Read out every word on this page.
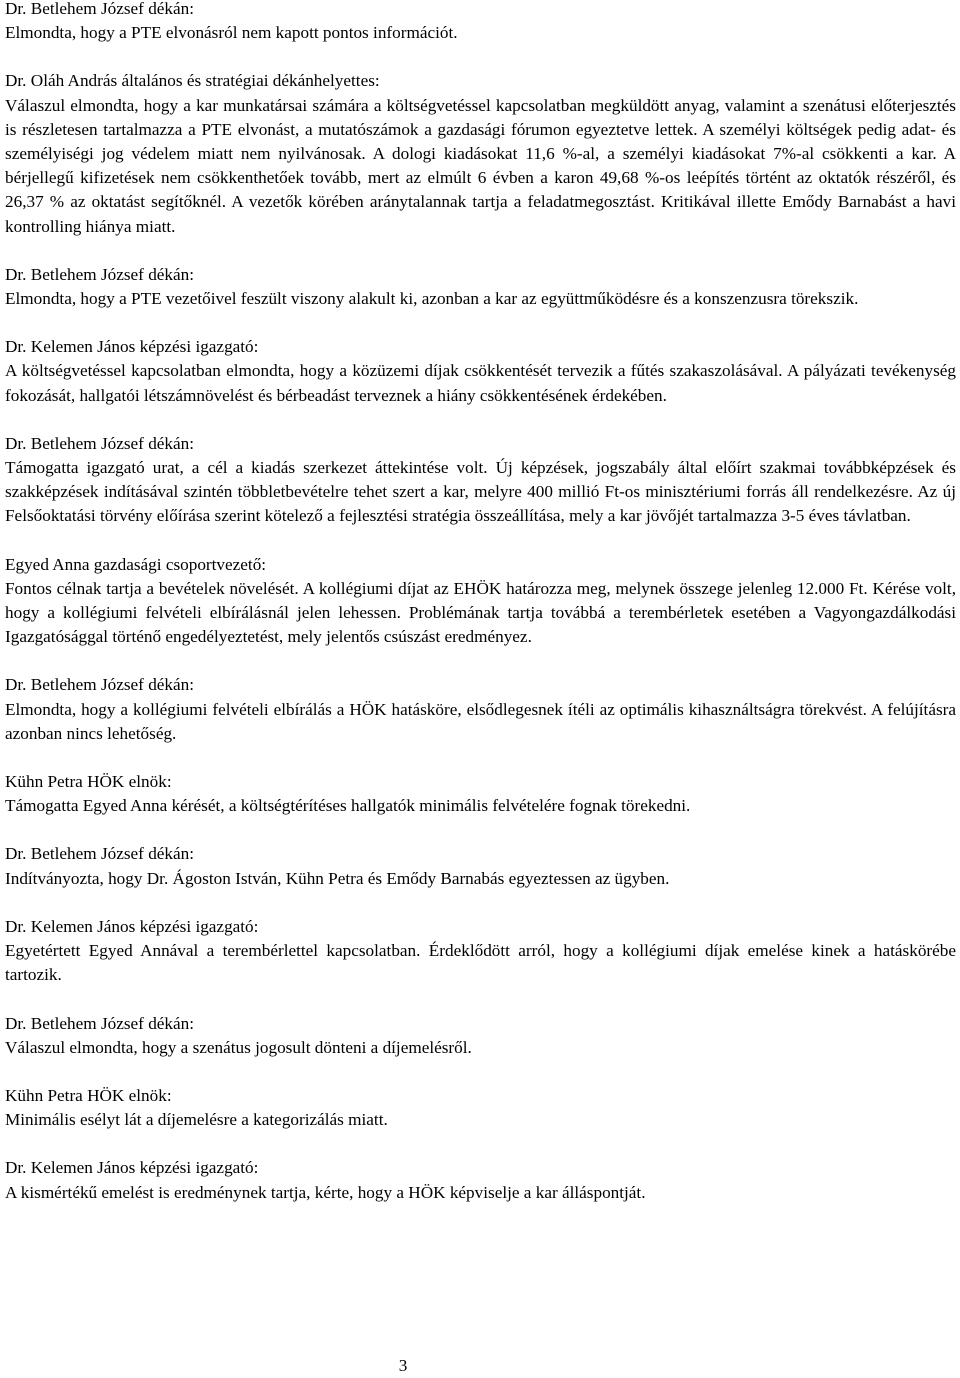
Dr. Betlehem József dékán:

Elmondta, hogy a PTE elvonásról nem kapott pontos információt.

Dr. Oláh András általános és stratégiai dékánhelyettes:

Válaszul elmondta, hogy a kar munkatársai számára a költségvetéssel kapcsolatban megküldött anyag, valamint a szenátusi előterjesztés is részletesen tartalmazza a PTE elvonást, a mutatószámok a gazdasági fórumon egyeztetve lettek. A személyi költségek pedig adat- és személyiségi jog védelem miatt nem nyilvánosak. A dologi kiadásokat 11,6 %-al, a személyi kiadásokat 7%-al csökkenti a kar. A bérjellegű kifizetések nem csökkenthetőek tovább, mert az elmúlt 6 évben a karon 49,68 %-os leépítés történt az oktatók részéről, és 26,37 % az oktatást segítőknél. A vezetők körében aránytalannak tartja a feladatmegosztást. Kritikával illette Emődy Barnabást a havi kontrolling hiánya miatt.

Dr. Betlehem József dékán:

Elmondta, hogy a PTE vezetőivel feszült viszony alakult ki, azonban a kar az együttműködésre és a konszenzusra törekszik.

Dr. Kelemen János képzési igazgató:

A költségvetéssel kapcsolatban elmondta, hogy a közüzemi díjak csökkentését tervezik a fűtés szakaszolásával. A pályázati tevékenység fokozását, hallgatói létszámnövelést és bérbeadást terveznek a hiány csökkentésének érdekében.

Dr. Betlehem József dékán:

Támogatta igazgató urat, a cél a kiadás szerkezet áttekintése volt. Új képzések, jogszabály által előírt szakmai továbbképzések és szakképzések indításával szintén többletbevételre tehet szert a kar, melyre 400 millió Ft-os minisztériumi forrás áll rendelkezésre. Az új Felsőoktatási törvény előírása szerint kötelező a fejlesztési stratégia összeállítása, mely a kar jövőjét tartalmazza 3-5 éves távlatban.

Egyed Anna gazdasági csoportvezető:

Fontos célnak tartja a bevételek növelését. A kollégiumi díjat az EHÖK határozza meg, melynek összege jelenleg 12.000 Ft. Kérése volt, hogy a kollégiumi felvételi elbírálásnál jelen lehessen. Problémának tartja továbbá a terembérletek esetében a Vagyongazdálkodási Igazgatósággal történő engedélyeztetést, mely jelentős csúszást eredményez.

Dr. Betlehem József dékán:

Elmondta, hogy a kollégiumi felvételi elbírálás a HÖK hatásköre, elsődlegesnek ítéli az optimális kihasználtságra törekvést. A felújításra azonban nincs lehetőség.

Kühn Petra HÖK elnök:

Támogatta Egyed Anna kérését, a költségtérítéses hallgatók minimális felvételére fognak törekedni.

Dr. Betlehem József dékán:

Indítványozta, hogy Dr. Ágoston István, Kühn Petra és Emődy Barnabás egyeztessen az ügyben.

Dr. Kelemen János képzési igazgató:

Egyetértett Egyed Annával a terembérlettel kapcsolatban. Érdeklődött arról, hogy a kollégiumi díjak emelése kinek a hatáskörébe tartozik.

Dr. Betlehem József dékán:

Válaszul elmondta, hogy a szenátus jogosult dönteni a díjemelésről.

Kühn Petra HÖK elnök:

Minimális esélyt lát a díjemelésre a kategorizálás miatt.

Dr. Kelemen János képzési igazgató:

A kismértékű emelést is eredménynek tartja, kérte, hogy a HÖK képviselje a kar álláspontját.

3
